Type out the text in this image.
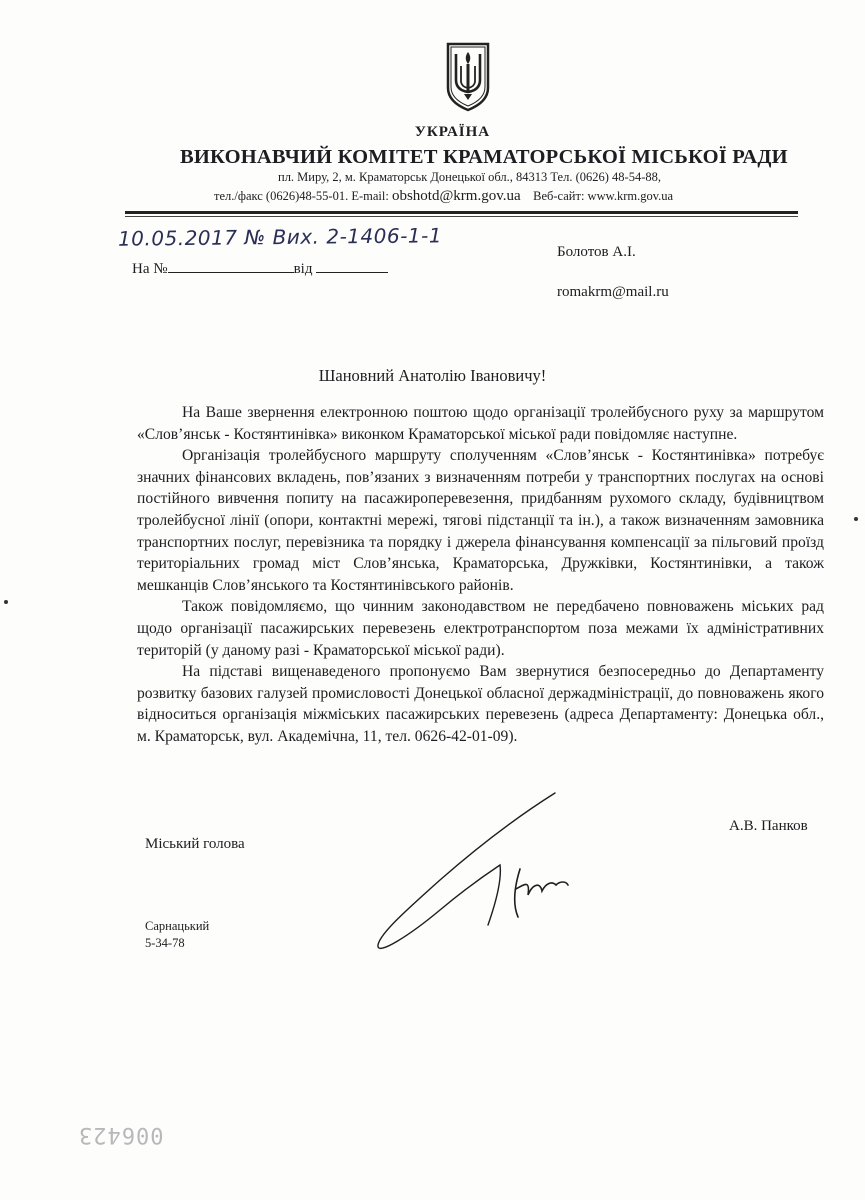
УКРАЇНА
ВИКОНАВЧИЙ КОМІТЕТ КРАМАТОРСЬКОЇ МІСЬКОЇ РАДИ
пл. Миру, 2, м. Краматорськ Донецької обл., 84313 Тел. (0626) 48-54-88,
тел./факс (0626)48-55-01. E-mail: obshotd@krm.gov.ua Веб-сайт: www.krm.gov.ua
10.05.2017 № Вих. 2-1406-1-1
На №	від
Болотов А.І.
romakrm@mail.ru
Шановний Анатолію Івановичу!

На Ваше звернення електронною поштою щодо організації тролейбусного руху за маршрутом «Слов’янськ - Костянтинівка» виконком Краматорської міської ради повідомляє наступне.

Організація тролейбусного маршруту сполученням «Слов’янськ - Костянтинівка» потребує значних фінансових вкладень, пов’язаних з визначенням потреби у транспортних послугах на основі постійного вивчення попиту на пасажироперевезення, придбанням рухомого складу, будівництвом тролейбусної лінії (опори, контактні мережі, тягові підстанції та ін.), а також визначенням замовника транспортних послуг, перевізника та порядку і джерела фінансування компенсації за пільговий проїзд територіальних громад міст Слов’янська, Краматорська, Дружківки, Костянтинівки, а також мешканців Слов’янського та Костянтинівського районів.

Також повідомляємо, що чинним законодавством не передбачено повноважень міських рад щодо організації пасажирських перевезень електротранспортом поза межами їх адміністративних територій (у даному разі - Краматорської міської ради).

На підставі вищенаведеного пропонуємо Вам звернутися безпосередньо до Департаменту розвитку базових галузей промисловості Донецької обласної держадміністрації, до повноважень якого відноситься організація міжміських пасажирських перевезень (адреса Департаменту: Донецька обл., м. Краматорськ, вул. Академічна, 11, тел. 0626-42-01-09).

Міський голова
А.В. Панков
Сарнацький
5-34-78
006423
